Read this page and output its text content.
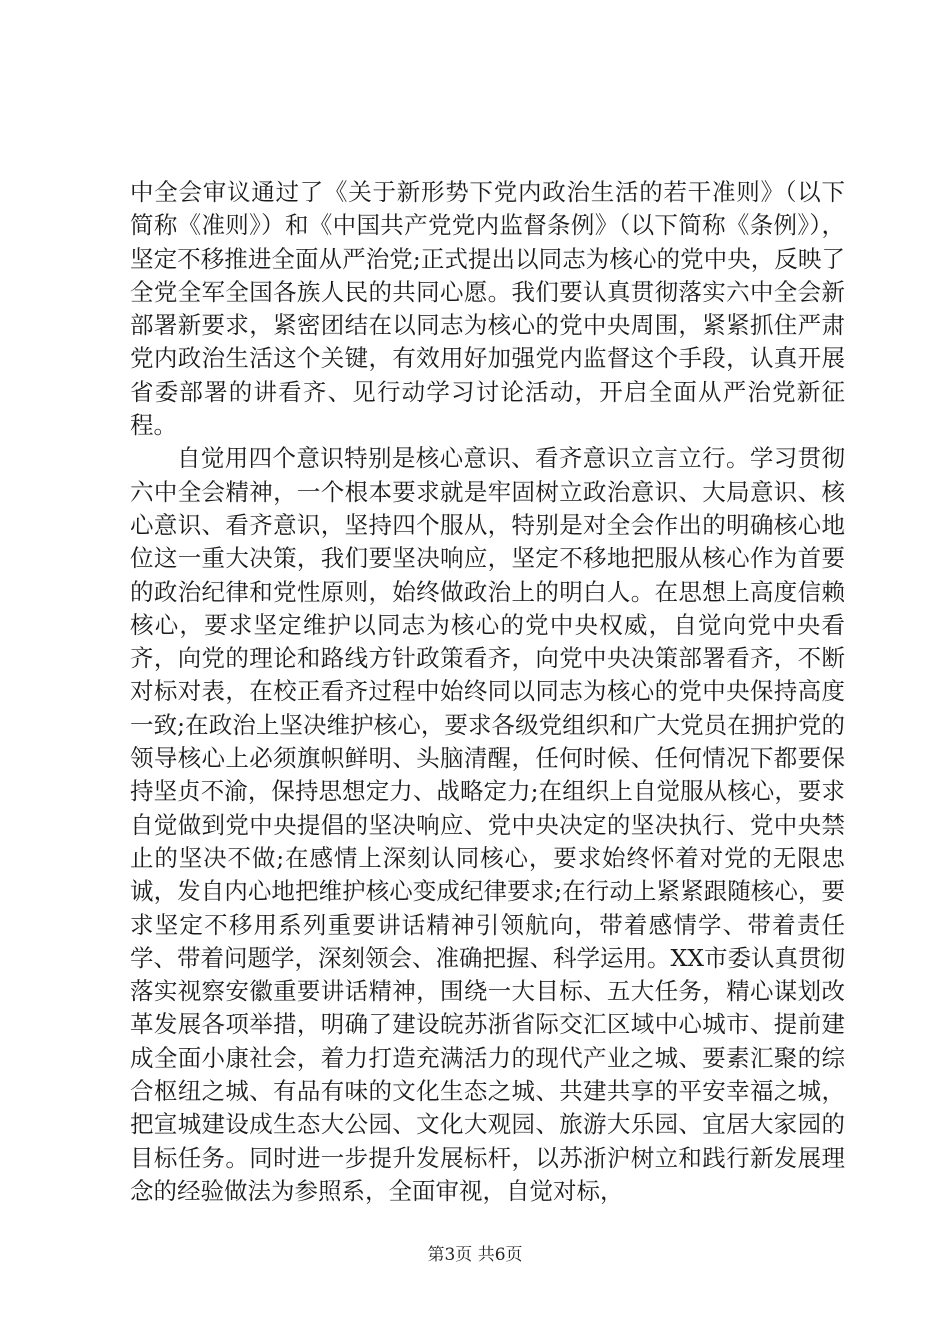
中全会审议通过了《关于新形势下党内政治生活的若干准则》（以下简称《准则》）和《中国共产党党内监督条例》（以下简称《条例》），坚定不移推进全面从严治党;正式提出以同志为核心的党中央，反映了全党全军全国各族人民的共同心愿。我们要认真贯彻落实六中全会新部署新要求，紧密团结在以同志为核心的党中央周围，紧紧抓住严肃党内政治生活这个关键，有效用好加强党内监督这个手段，认真开展省委部署的讲看齐、见行动学习讨论活动，开启全面从严治党新征程。

自觉用四个意识特别是核心意识、看齐意识立言立行。学习贯彻六中全会精神，一个根本要求就是牢固树立政治意识、大局意识、核心意识、看齐意识，坚持四个服从，特别是对全会作出的明确核心地位这一重大决策，我们要坚决响应，坚定不移地把服从核心作为首要的政治纪律和党性原则，始终做政治上的明白人。在思想上高度信赖核心，要求坚定维护以同志为核心的党中央权威，自觉向党中央看齐，向党的理论和路线方针政策看齐，向党中央决策部署看齐，不断对标对表，在校正看齐过程中始终同以同志为核心的党中央保持高度一致;在政治上坚决维护核心，要求各级党组织和广大党员在拥护党的领导核心上必须旗帜鲜明、头脑清醒，任何时候、任何情况下都要保持坚贞不渝，保持思想定力、战略定力;在组织上自觉服从核心，要求自觉做到党中央提倡的坚决响应、党中央决定的坚决执行、党中央禁止的坚决不做;在感情上深刻认同核心，要求始终怀着对党的无限忠诚，发自内心地把维护核心变成纪律要求;在行动上紧紧跟随核心，要求坚定不移用系列重要讲话精神引领航向，带着感情学、带着责任学、带着问题学，深刻领会、准确把握、科学运用。XX市委认真贯彻落实视察安徽重要讲话精神，围绕一大目标、五大任务，精心谋划改革发展各项举措，明确了建设皖苏浙省际交汇区域中心城市、提前建成全面小康社会，着力打造充满活力的现代产业之城、要素汇聚的综合枢纽之城、有品有味的文化生态之城、共建共享的平安幸福之城，把宣城建设成生态大公园、文化大观园、旅游大乐园、宜居大家园的目标任务。同时进一步提升发展标杆，以苏浙沪树立和践行新发展理念的经验做法为参照系，全面审视，自觉对标，

第3页 共6页
